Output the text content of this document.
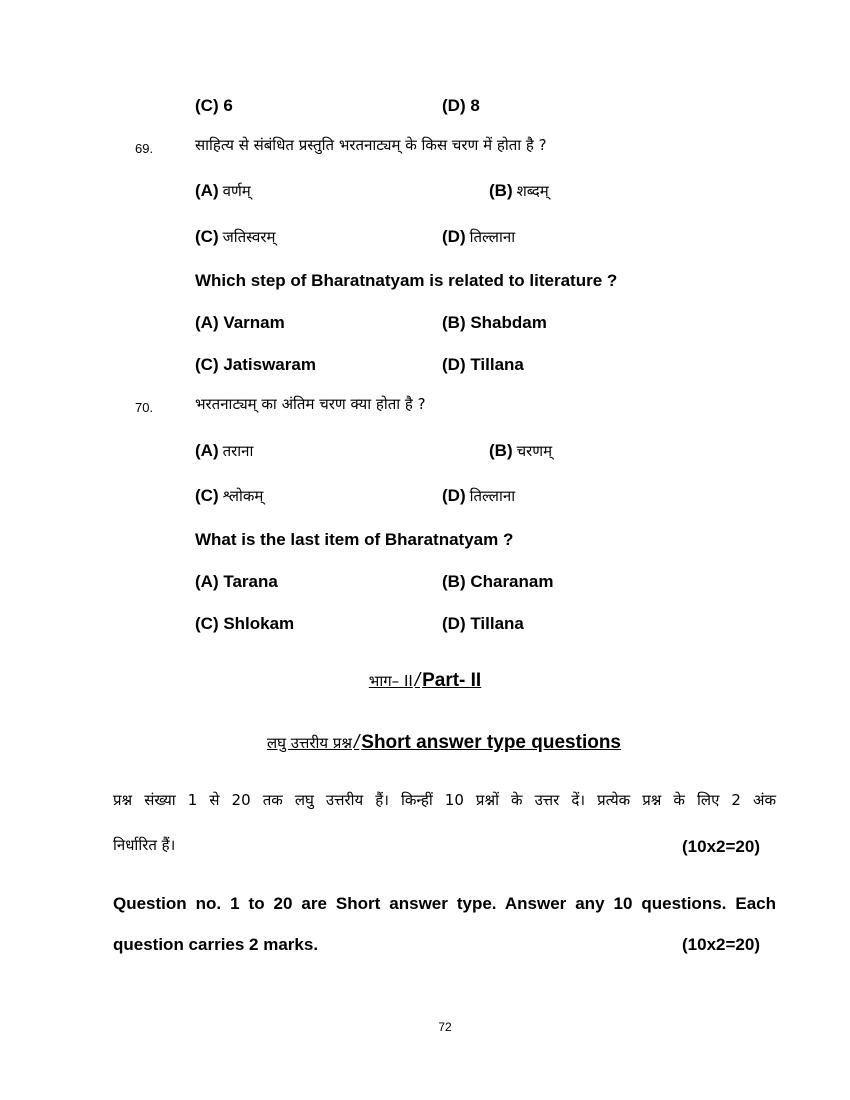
(C) 6	(D) 8
69.	साहित्य से संबंधित प्रस्तुति भरतनाट्यम् के किस चरण में होता है ?
(A) वर्णम्	(B) शब्दम्
(C) जतिस्वरम्	(D) तिल्लाना
Which step of Bharatnatyam is related to literature ?
(A) Varnam	(B) Shabdam
(C) Jatiswaram	(D) Tillana
70.	भरतनाट्यम् का अंतिम चरण क्या होता है ?
(A) तराना	(B) चरणम्
(C) श्लोकम्	(D) तिल्लाना
What is the last item of Bharatnatyam ?
(A) Tarana	(B) Charanam
(C) Shlokam	(D) Tillana
भाग– II / Part- II
लघु उत्तरीय प्रश्न / Short answer type questions
प्रश्न संख्या 1 से 20 तक लघु उत्तरीय हैं। किन्हीं 10 प्रश्नों के उत्तर दें। प्रत्येक प्रश्न के लिए 2 अंक
निर्धारित हैं।	(10x2=20)
Question no. 1 to 20 are Short answer type. Answer any 10 questions. Each
question carries 2 marks.	(10x2=20)
72
